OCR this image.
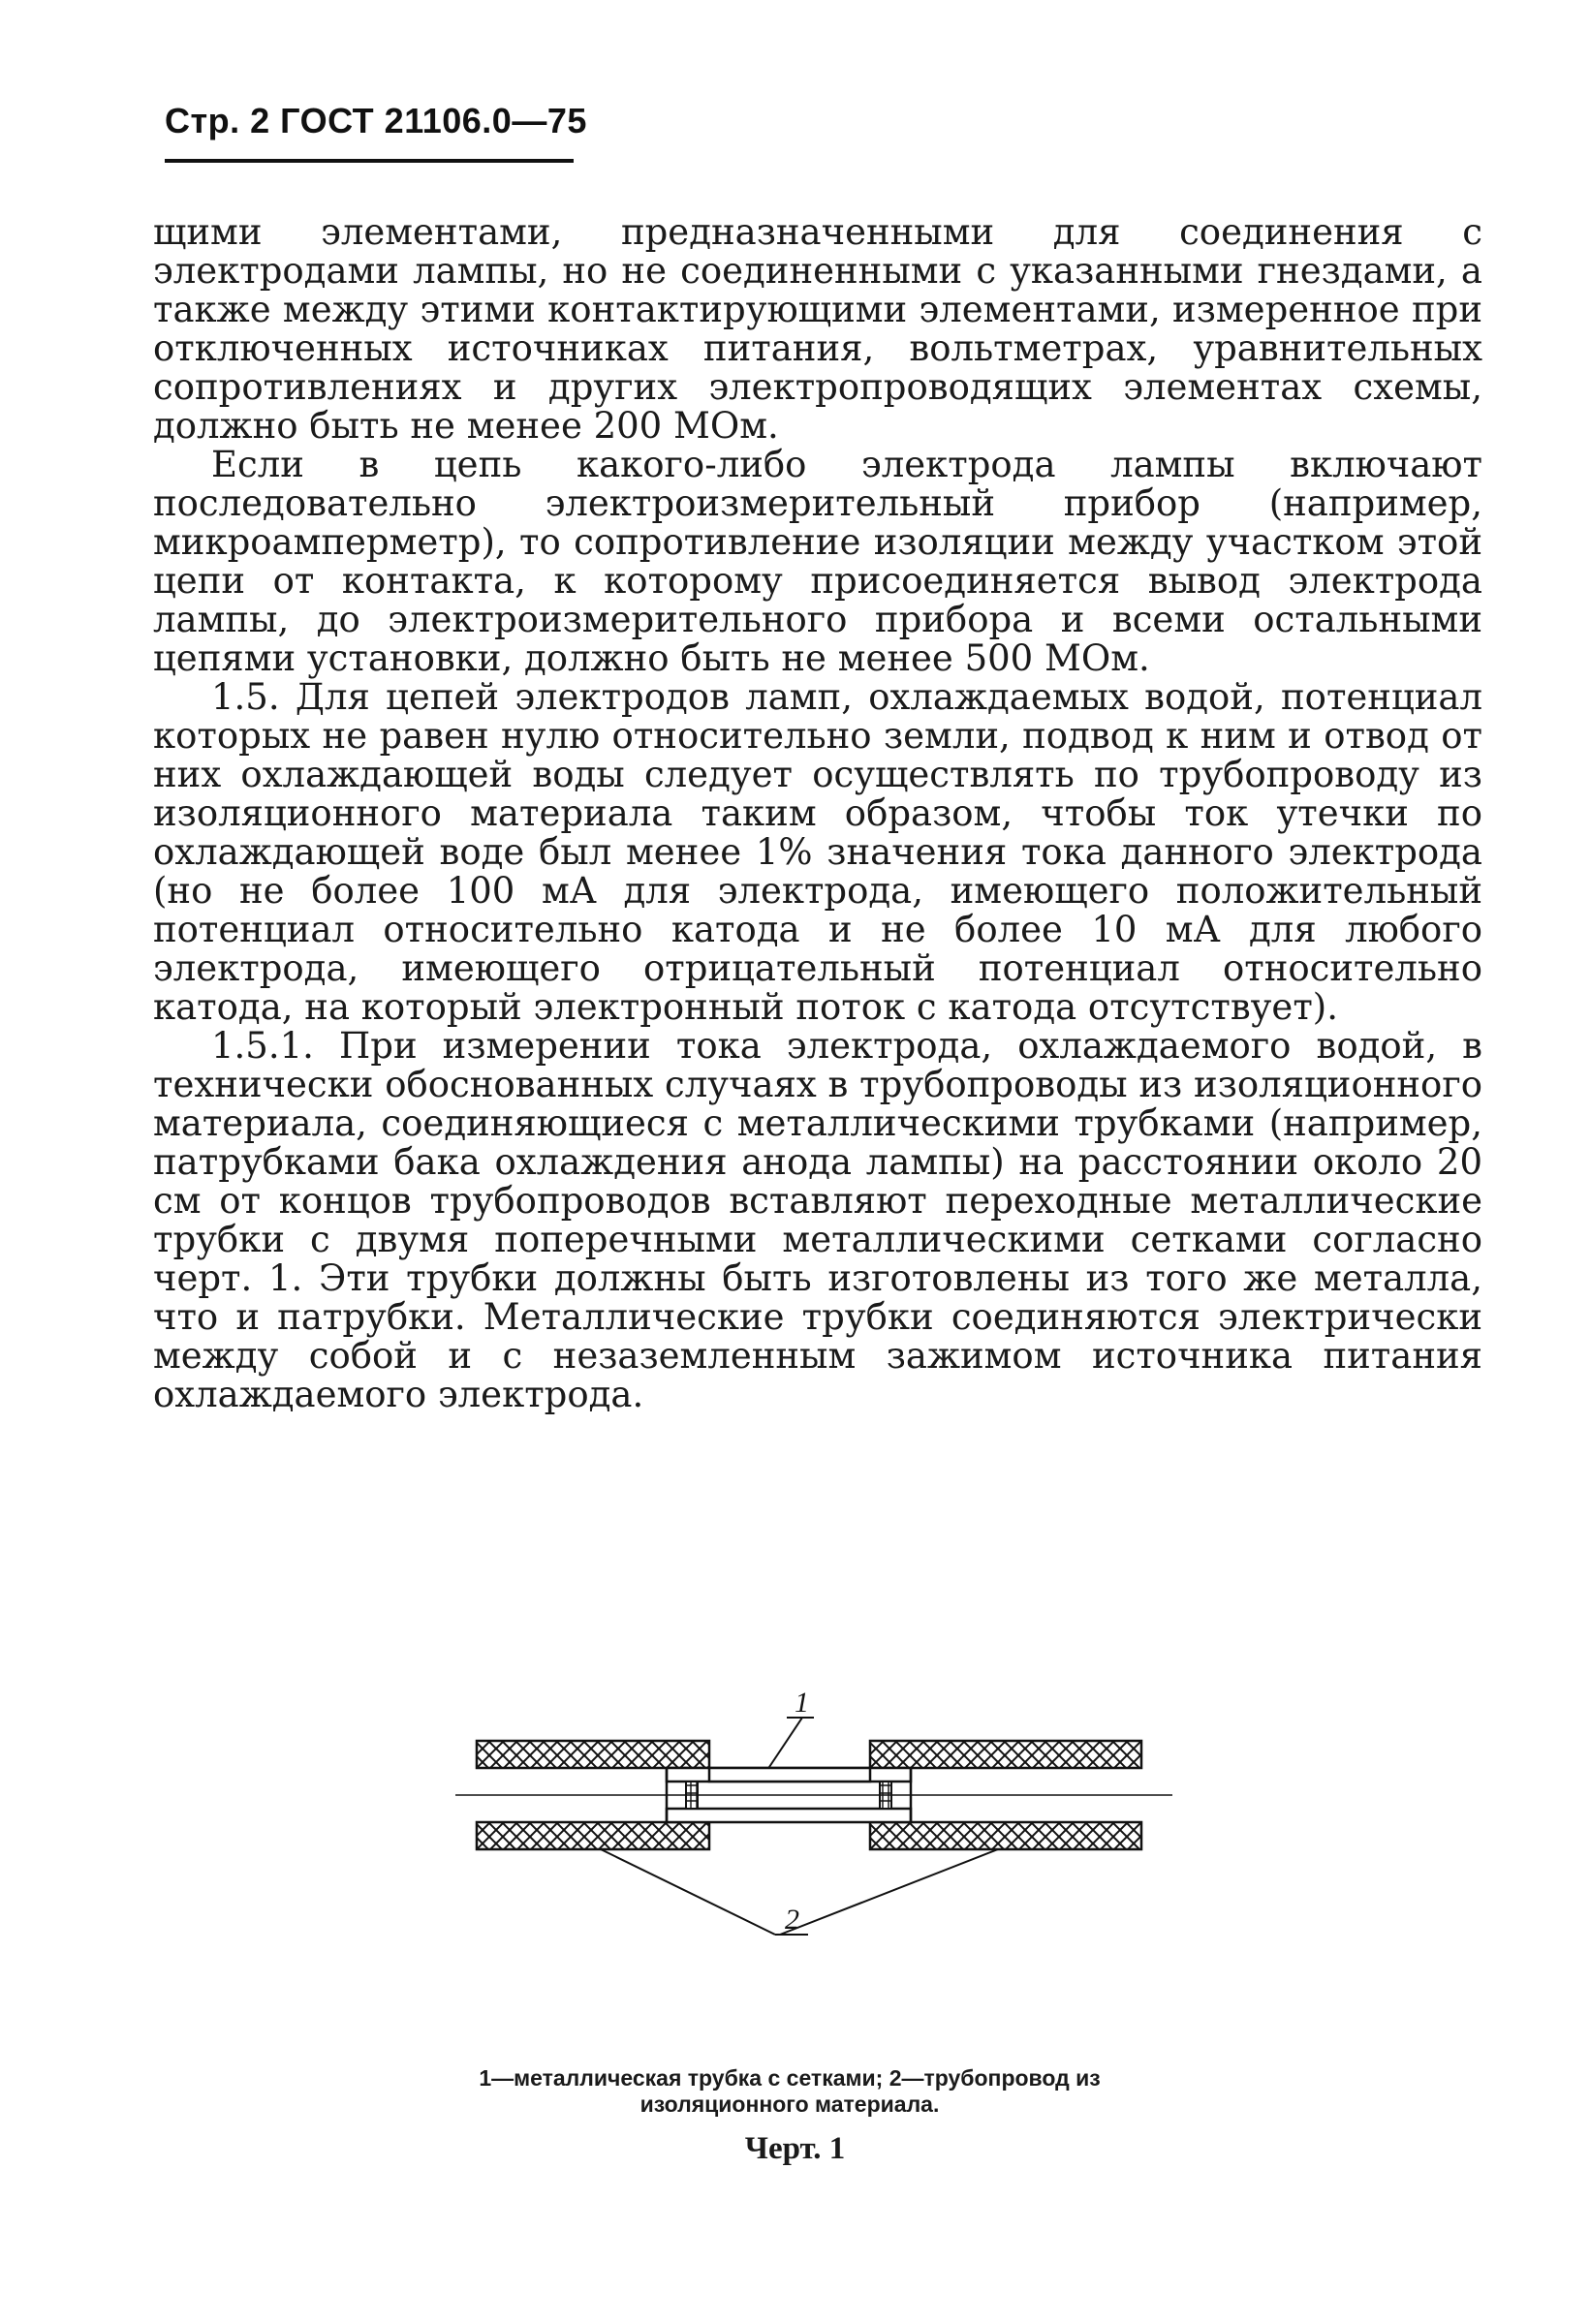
Стр. 2 ГОСТ 21106.0—75

щими элементами, предназначенными для соединения с электродами лампы, но не соединенными с указанными гнездами, а также между этими контактирующими элементами, измеренное при отключенных источниках питания, вольтметрах, уравнительных сопротивлениях и других электропроводящих элементах схемы, должно быть не менее 200 МОм.

Если в цепь какого-либо электрода лампы включают последовательно электроизмерительный прибор (например, микроамперметр), то сопротивление изоляции между участком этой цепи от контакта, к которому присоединяется вывод электрода лампы, до электроизмерительного прибора и всеми остальными цепями установки, должно быть не менее 500 МОм.

1.5. Для цепей электродов ламп, охлаждаемых водой, потенциал которых не равен нулю относительно земли, подвод к ним и отвод от них охлаждающей воды следует осуществлять по трубопроводу из изоляционного материала таким образом, чтобы ток утечки по охлаждающей воде был менее 1% значения тока данного электрода (но не более 100 мА для электрода, имеющего положительный потенциал относительно катода и не более 10 мА для любого электрода, имеющего отрицательный потенциал относительно катода, на который электронный поток с катода отсутствует).

1.5.1. При измерении тока электрода, охлаждаемого водой, в технически обоснованных случаях в трубопроводы из изоляционного материала, соединяющиеся с металлическими трубками (например, патрубками бака охлаждения анода лампы) на расстоянии около 20 см от концов трубопроводов вставляют переходные металлические трубки с двумя поперечными металлическими сетками согласно черт. 1. Эти трубки должны быть изготовлены из того же металла, что и патрубки. Металлические трубки соединяются электрически между собой и с незаземленным зажимом источника питания охлаждаемого электрода.

1
2
1—металлическая трубка с сетками; 2—трубопровод из изоляционного материала.
Черт. 1
